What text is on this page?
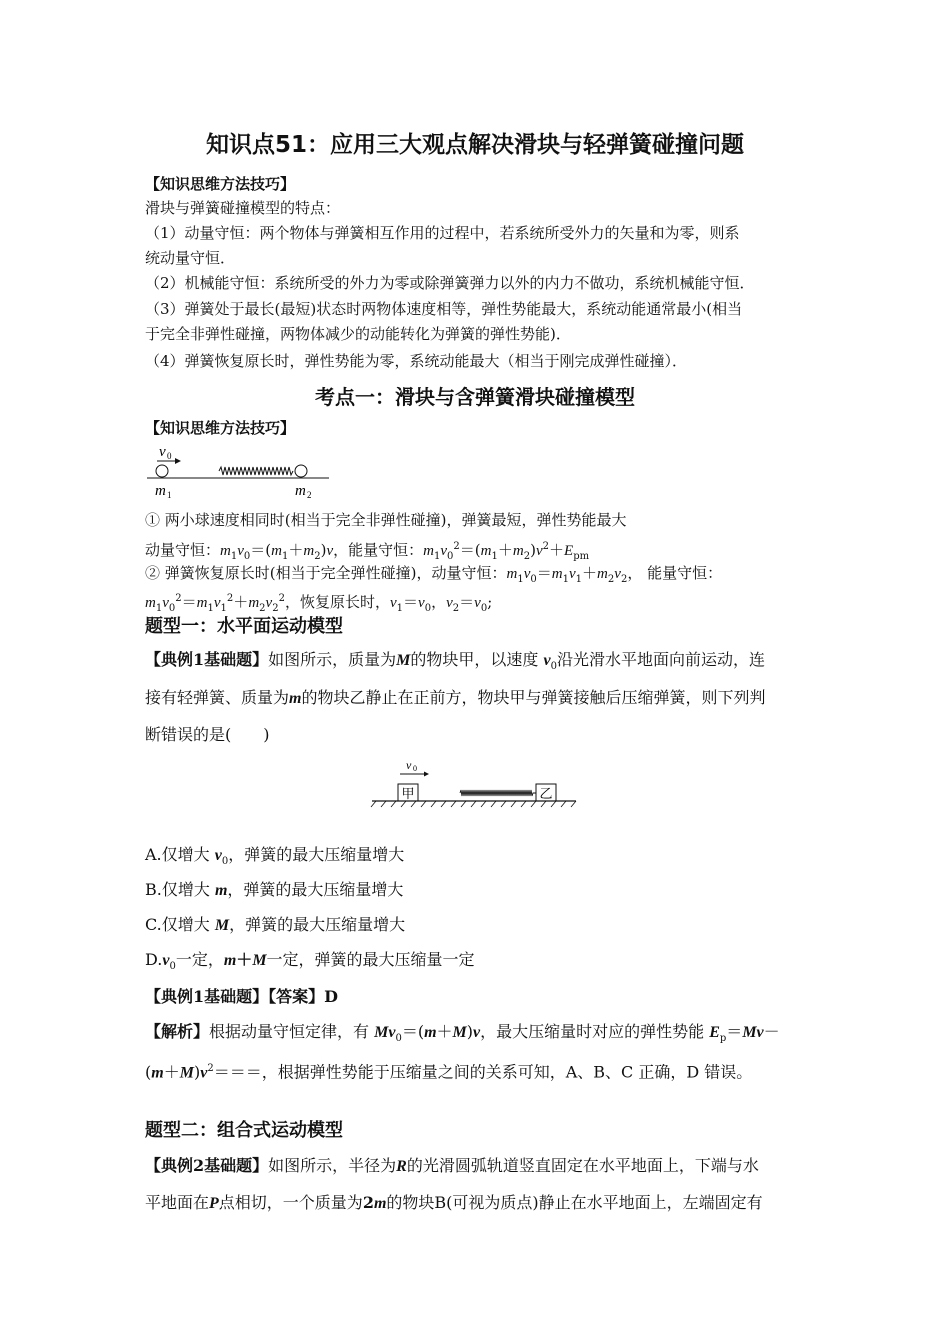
知识点51：应用三大观点解决滑块与轻弹簧碰撞问题
【知识思维方法技巧】
滑块与弹簧碰撞模型的特点：
（1）动量守恒：两个物体与弹簧相互作用的过程中，若系统所受外力的矢量和为零，则系
统动量守恒．
（2）机械能守恒：系统所受的外力为零或除弹簧弹力以外的内力不做功，系统机械能守恒．
（3）弹簧处于最长(最短)状态时两物体速度相等，弹性势能最大，系统动能通常最小(相当
于完全非弹性碰撞，两物体减少的动能转化为弹簧的弹性势能)．
（4）弹簧恢复原长时，弹性势能为零，系统动能最大（相当于刚完成弹性碰撞）．
考点一：滑块与含弹簧滑块碰撞模型
【知识思维方法技巧】
v 0
m 1	m 2
① 两小球速度相同时(相当于完全非弹性碰撞)，弹簧最短，弹性势能最大
动量守恒：$m_1v_0=(m_1+m_2)v$，能量守恒：$m_1v_0^2=(m_1+m_2)v^2+E_{pm}$
② 弹簧恢复原长时(相当于完全弹性碰撞)，动量守恒：$m_1v_0=m_1v_1+m_2v_2$， 能量守恒：
$m_1v_0^2=m_1v_1^2+m_2v_2^2$，恢复原长时，$v_1=v_0$，$v_2=v_0$;
题型一：水平面运动模型
【典例1基础题】如图所示，质量为M的物块甲，以速度 $v_0$沿光滑水平地面向前运动，连
接有轻弹簧、质量为m的物块乙静止在正前方，物块甲与弹簧接触后压缩弹簧，则下列判
断错误的是(　　)
v 0
甲	乙
A.仅增大 $v_0$，弹簧的最大压缩量增大
B.仅增大 m，弹簧的最大压缩量增大
C.仅增大 M，弹簧的最大压缩量增大
$D.v_0$一定，m＋M一定，弹簧的最大压缩量一定
【典例1基础题】【答案】D
【解析】根据动量守恒定律，有 $Mv_0=(m+M)v$，最大压缩量时对应的弹性势能 $E_p=Mv-$
$(m+M)v^2===$，根据弹性势能于压缩量之间的关系可知，A、B、C 正确，D 错误。
题型二：组合式运动模型
【典例2基础题】如图所示，半径为R的光滑圆弧轨道竖直固定在水平地面上，下端与水
平地面在P点相切，一个质量为2m的物块B(可视为质点)静止在水平地面上，左端固定有
